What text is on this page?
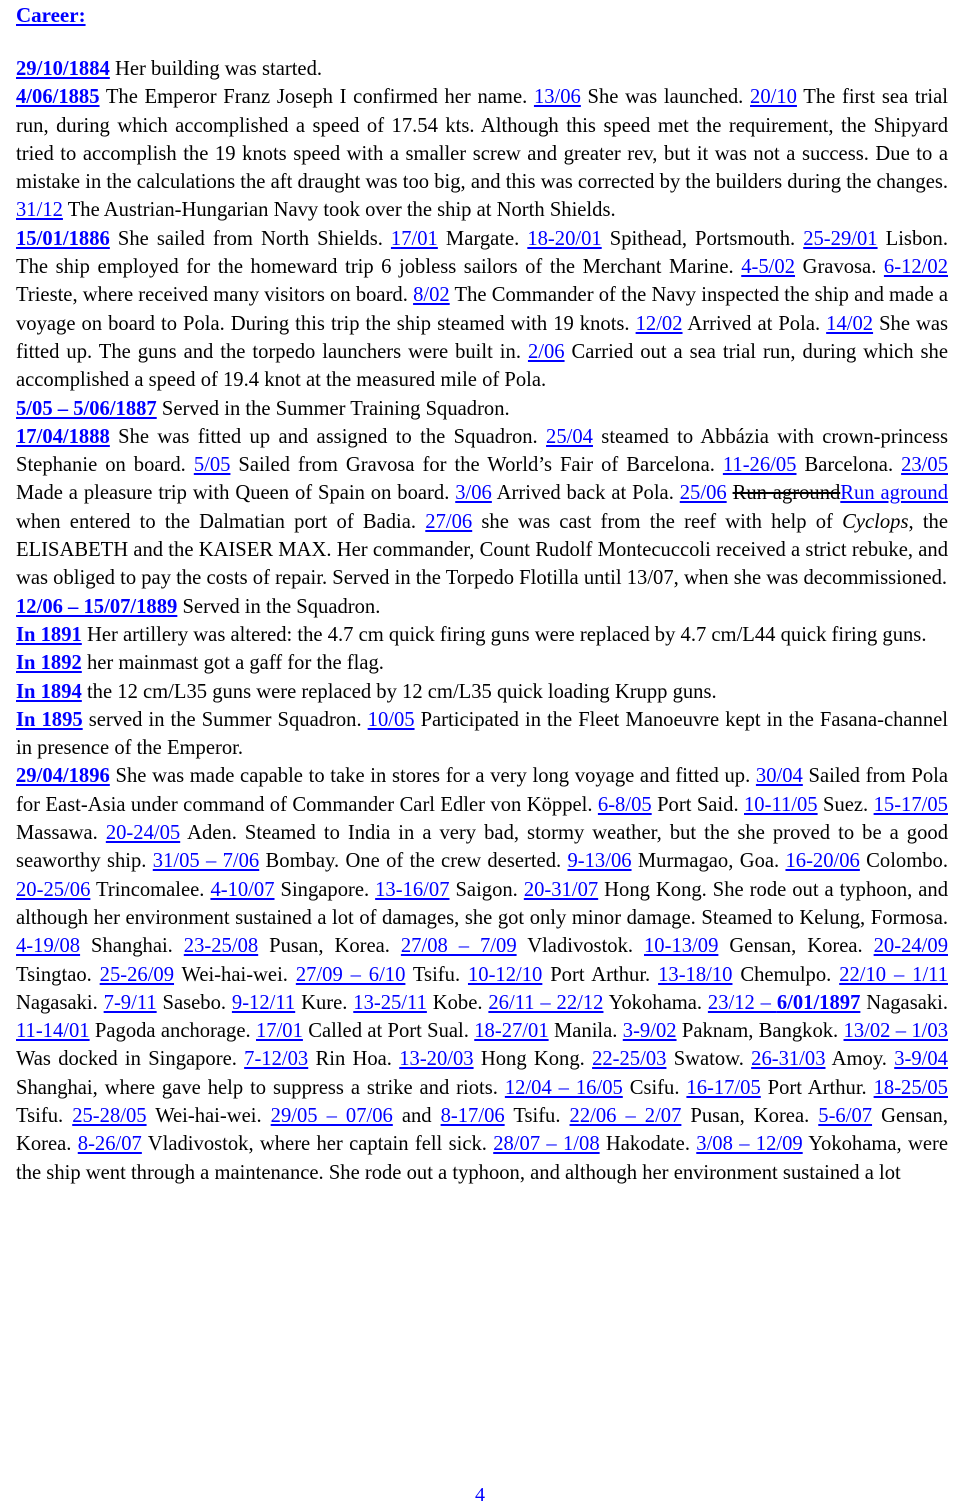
Career:

29/10/1884 Her building was started.

4/06/1885 The Emperor Franz Joseph I confirmed her name. 13/06 She was launched. 20/10 The first sea trial run, during which accomplished a speed of 17.54 kts. Although this speed met the requirement, the Shipyard tried to accomplish the 19 knots speed with a smaller screw and greater rev, but it was not a success. Due to a mistake in the calculations the aft draught was too big, and this was corrected by the builders during the changes. 31/12 The Austrian-Hungarian Navy took over the ship at North Shields.

15/01/1886 She sailed from North Shields. 17/01 Margate. 18-20/01 Spithead, Portsmouth. 25-29/01 Lisbon. The ship employed for the homeward trip 6 jobless sailors of the Merchant Marine. 4-5/02 Gravosa. 6-12/02 Trieste, where received many visitors on board. 8/02 The Commander of the Navy inspected the ship and made a voyage on board to Pola. During this trip the ship steamed with 19 knots. 12/02 Arrived at Pola. 14/02 She was fitted up. The guns and the torpedo launchers were built in. 2/06 Carried out a sea trial run, during which she accomplished a speed of 19.4 knot at the measured mile of Pola.

5/05 – 5/06/1887 Served in the Summer Training Squadron.

17/04/1888 She was fitted up and assigned to the Squadron. 25/04 steamed to Abbázia with crown-princess Stephanie on board. 5/05 Sailed from Gravosa for the World’s Fair of Barcelona. 11-26/05 Barcelona. 23/05 Made a pleasure trip with Queen of Spain on board. 3/06 Arrived back at Pola. 25/06 Run agroundRun aground when entered to the Dalmatian port of Badia. 27/06 she was cast from the reef with help of Cyclops, the ELISABETH and the KAISER MAX. Her commander, Count Rudolf Montecuccoli received a strict rebuke, and was obliged to pay the costs of repair. Served in the Torpedo Flotilla until 13/07, when she was decommissioned.

12/06 – 15/07/1889 Served in the Squadron.

In 1891 Her artillery was altered: the 4.7 cm quick firing guns were replaced by 4.7 cm/L44 quick firing guns.

In 1892 her mainmast got a gaff for the flag.

In 1894 the 12 cm/L35 guns were replaced by 12 cm/L35 quick loading Krupp guns.

In 1895 served in the Summer Squadron. 10/05 Participated in the Fleet Manoeuvre kept in the Fasana-channel in presence of the Emperor.

29/04/1896 She was made capable to take in stores for a very long voyage and fitted up. 30/04 Sailed from Pola for East-Asia under command of Commander Carl Edler von Köppel. 6-8/05 Port Said. 10-11/05 Suez. 15-17/05 Massawa. 20-24/05 Aden. Steamed to India in a very bad, stormy weather, but the she proved to be a good seaworthy ship. 31/05 – 7/06 Bombay. One of the crew deserted. 9-13/06 Murmagao, Goa. 16-20/06 Colombo. 20-25/06 Trincomalee. 4-10/07 Singapore. 13-16/07 Saigon. 20-31/07 Hong Kong. She rode out a typhoon, and although her environment sustained a lot of damages, she got only minor damage. Steamed to Kelung, Formosa. 4-19/08 Shanghai. 23-25/08 Pusan, Korea. 27/08 – 7/09 Vladivostok. 10-13/09 Gensan, Korea. 20-24/09 Tsingtao. 25-26/09 Wei-hai-wei. 27/09 – 6/10 Tsifu. 10-12/10 Port Arthur. 13-18/10 Chemulpo. 22/10 – 1/11 Nagasaki. 7-9/11 Sasebo. 9-12/11 Kure. 13-25/11 Kobe. 26/11 – 22/12 Yokohama. 23/12 – 6/01/1897 Nagasaki. 11-14/01 Pagoda anchorage. 17/01 Called at Port Sual. 18-27/01 Manila. 3-9/02 Paknam, Bangkok. 13/02 – 1/03 Was docked in Singapore. 7-12/03 Rin Hoa. 13-20/03 Hong Kong. 22-25/03 Swatow. 26-31/03 Amoy. 3-9/04 Shanghai, where gave help to suppress a strike and riots. 12/04 – 16/05 Csifu. 16-17/05 Port Arthur. 18-25/05 Tsifu. 25-28/05 Wei-hai-wei. 29/05 – 07/06 and 8-17/06 Tsifu. 22/06 – 2/07 Pusan, Korea. 5-6/07 Gensan, Korea. 8-26/07 Vladivostok, where her captain fell sick. 28/07 – 1/08 Hakodate. 3/08 – 12/09 Yokohama, were the ship went through a maintenance. She rode out a typhoon, and although her environment sustained a lot

4
